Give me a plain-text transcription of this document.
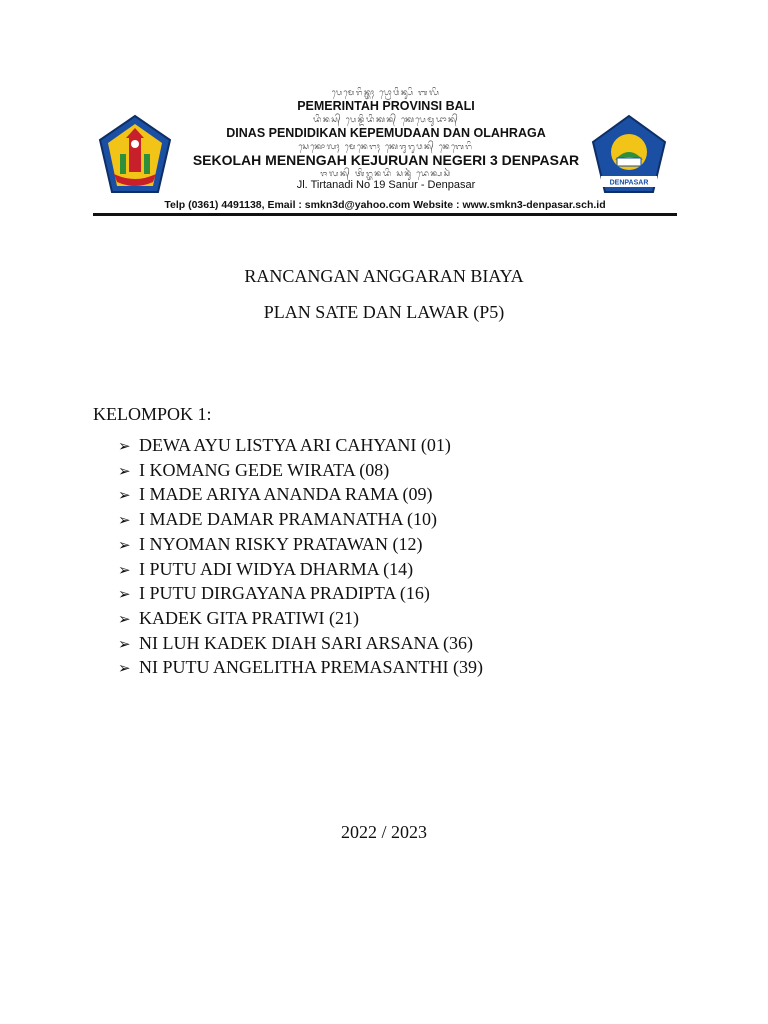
ᬧᬾᬫᬾᬭᬶᬦ᭄ᬢᬄ ᬧ᭄ᬭᭀᬯᬶᬦ᭄ᬲᬶ ᬩᬮᬶ
PEMERINTAH PROVINSI BALI
ᬤᬶᬦᬲ᭄ ᬧᬾᬦ᭄ᬤᬶᬤᬶᬓᬦ᭄ ᬓᬾᬧᬾᬫᬸᬤᬵᬦ᭄
DINAS PENDIDIKAN KEPEMUDAAN DAN OLAHRAGA
ᬲᬾᬓᭀᬮᬄ ᬫᬾᬦᬾᬗᬄ ᬓᬾᬚᬸᬭᬸᬯᬦ᭄ ᬦᬾᬕᬾᬭᬶ
SEKOLAH MENENGAH KEJURUAN NEGERI 3 DENPASAR
ᬚᬮᬦ᭄ ᬢᬶᬭ᭄ᬢᬦᬤᬶ ᬲᬦᬸᬃ ᬤᬾᬦ᭄ᬧᬲᬃ
Jl. Tirtanadi No 19 Sanur - Denpasar	DENPASAR
Telp (0361) 4491138, Email : smkn3d@yahoo.com Website : www.smkn3-denpasar.sch.id
RANCANGAN ANGGARAN BIAYA
PLAN SATE DAN LAWAR (P5)
KELOMPOK 1:
➢ DEWA AYU LISTYA ARI CAHYANI (01)
➢ I KOMANG GEDE WIRATA (08)
➢ I MADE ARIYA ANANDA RAMA (09)
➢ I MADE DAMAR PRAMANATHA (10)
➢ I NYOMAN RISKY PRATAWAN (12)
➢ I PUTU ADI WIDYA DHARMA (14)
➢ I PUTU DIRGAYANA PRADIPTA (16)
➢ KADEK GITA PRATIWI (21)
➢ NI LUH KADEK DIAH SARI ARSANA (36)
➢ NI PUTU ANGELITHA PREMASANTHI (39)
2022 / 2023
